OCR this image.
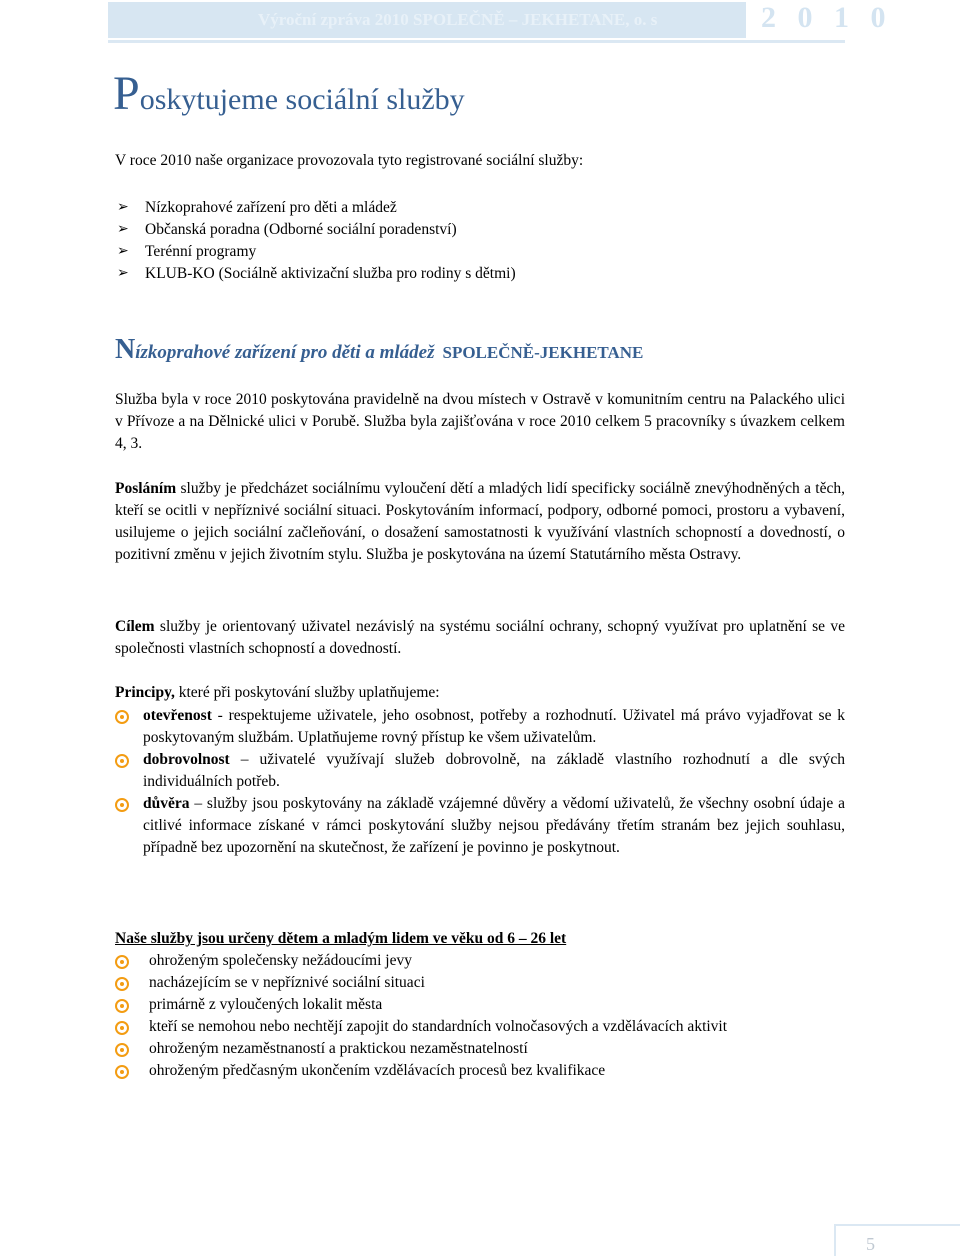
Výroční zpráva 2010 SPOLEČNĚ – JEKHETANE, o. s	2 0 1 0
Poskytujeme sociální služby

V roce 2010 naše organizace provozovala tyto registrované sociální služby:

➢ Nízkoprahové zařízení pro děti a mládež
➢ Občanská poradna (Odborné sociální poradenství)
➢ Terénní programy
➢ KLUB-KO (Sociálně aktivizační služba pro rodiny s dětmi)
Nízkoprahové zařízení pro děti a mládež SPOLEČNĚ-JEKHETANE

Služba byla v roce 2010 poskytována pravidelně na dvou místech v Ostravě v komunitním centru na Palackého ulici v Přívoze a na Dělnické ulici v Porubě. Služba byla zajišťována v roce 2010 celkem 5 pracovníky s úvazkem celkem 4, 3.

Posláním služby je předcházet sociálnímu vyloučení dětí a mladých lidí specificky sociálně znevýhodněných a těch, kteří se ocitli v nepříznivé sociální situaci. Poskytováním informací, podpory, odborné pomoci, prostoru a vybavení, usilujeme o jejich sociální začleňování, o dosažení samostatnosti k využívání vlastních schopností a dovedností, o pozitivní změnu v jejich životním stylu. Služba je poskytována na území Statutárního města Ostravy.

Cílem služby je orientovaný uživatel nezávislý na systému sociální ochrany, schopný využívat pro uplatnění se ve společnosti vlastních schopností a dovedností.

Principy, které při poskytování služby uplatňujeme:

otevřenost - respektujeme uživatele, jeho osobnost, potřeby a rozhodnutí. Uživatel má právo vyjadřovat se k poskytovaným službám. Uplatňujeme rovný přístup ke všem uživatelům.
dobrovolnost – uživatelé využívají služeb dobrovolně, na základě vlastního rozhodnutí a dle svých individuálních potřeb.
důvěra – služby jsou poskytovány na základě vzájemné důvěry a vědomí uživatelů, že všechny osobní údaje a citlivé informace získané v rámci poskytování služby nejsou předávány třetím stranám bez jejich souhlasu, případně bez upozornění na skutečnost, že zařízení je povinno je poskytnout.

Naše služby jsou určeny dětem a mladým lidem ve věku od 6 – 26 let

ohroženým společensky nežádoucími jevy
nacházejícím se v nepříznivé sociální situaci
primárně z vyloučených lokalit města
kteří se nemohou nebo nechtějí zapojit do standardních volnočasových a vzdělávacích aktivit
ohroženým nezaměstnaností a praktickou nezaměstnatelností
ohroženým předčasným ukončením vzdělávacích procesů bez kvalifikace
5
